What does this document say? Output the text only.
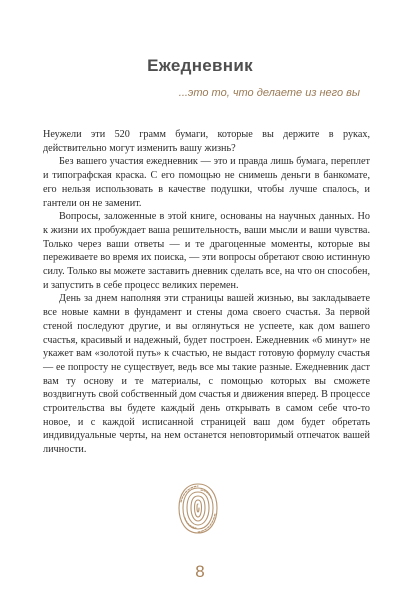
Ежедневник
...это то, что делаете из него вы

Неужели эти 520 грамм бумаги, которые вы держите в руках, действительно могут изменить вашу жизнь?

Без вашего участия ежедневник — это и правда лишь бумага, переплет и типографская краска. С его помощью не снимешь деньги в банкомате, его нельзя использовать в качестве подушки, чтобы лучше спалось, и гантели он не заменит.

Вопросы, заложенные в этой книге, основаны на научных данных. Но к жизни их пробуждает ваша решительность, ваши мысли и ваши чувства. Только через ваши ответы — и те драгоценные моменты, которые вы переживаете во время их поиска, — эти вопросы обретают свою истинную силу. Только вы можете заставить дневник сделать все, на что он способен, и запустить в себе процесс великих перемен.

День за днем наполняя эти страницы вашей жизнью, вы закладываете все новые камни в фундамент и стены дома своего счастья. За первой стеной последуют другие, и вы оглянуться не успеете, как дом вашего счастья, красивый и надежный, будет построен. Ежедневник «6 минут» не укажет вам «золотой путь» к счастью, не выдаст готовую формулу счастья — ее попросту не существует, ведь все мы такие разные. Ежедневник даст вам ту основу и те материалы, с помощью которых вы сможете воздвигнуть свой собственный дом счастья и движения вперед. В процессе строительства вы будете каждый день открывать в самом себе что-то новое, и с каждой исписанной страницей ваш дом будет обретать индивидуальные черты, на нем останется неповторимый отпечаток вашей личности.

8
